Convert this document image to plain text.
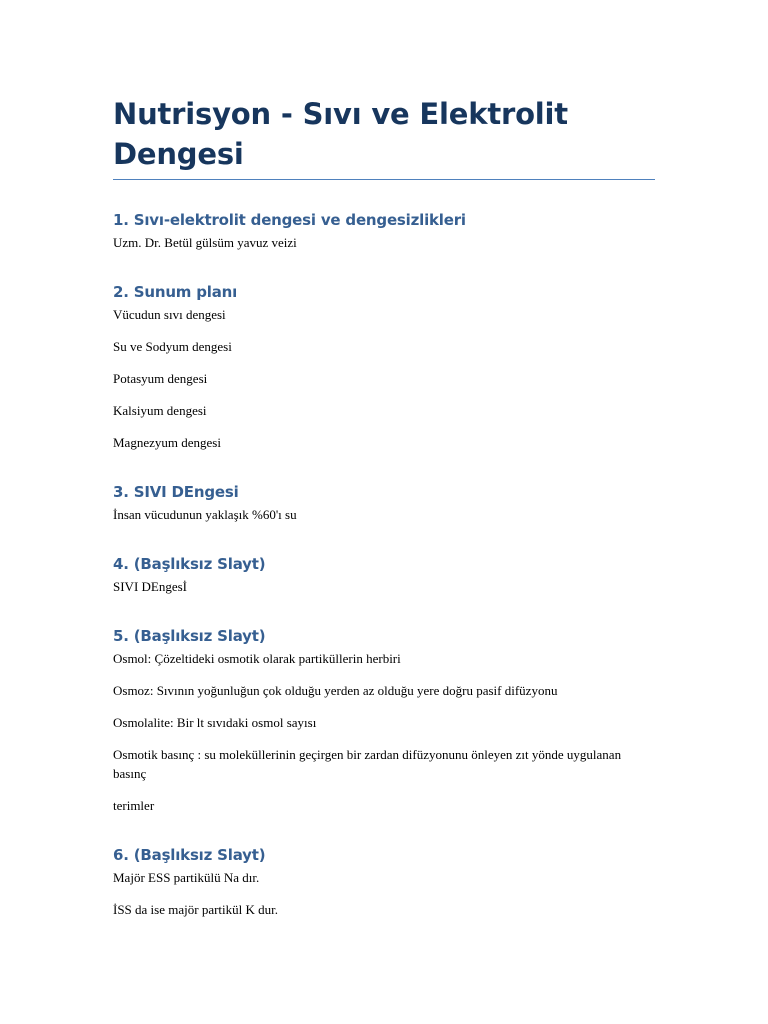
Nutrisyon - Sıvı ve Elektrolit Dengesi
1. Sıvı-elektrolit dengesi ve dengesizlikleri

Uzm. Dr. Betül gülsüm yavuz veizi

2. Sunum planı

Vücudun sıvı dengesi

Su ve Sodyum dengesi

Potasyum dengesi

Kalsiyum dengesi

Magnezyum dengesi

3. SIVI DEngesi

İnsan vücudunun yaklaşık %60'ı su

4. (Başlıksız Slayt)

SIVI DEngesİ

5. (Başlıksız Slayt)

Osmol: Çözeltideki osmotik olarak partiküllerin herbiri

Osmoz: Sıvının yoğunluğun çok olduğu yerden az olduğu yere doğru pasif difüzyonu

Osmolalite: Bir lt sıvıdaki osmol sayısı

Osmotik basınç : su moleküllerinin geçirgen bir zardan difüzyonunu önleyen zıt yönde uygulanan basınç

terimler

6. (Başlıksız Slayt)

Majör ESS partikülü Na dır.

İSS da ise majör partikül K dur.
